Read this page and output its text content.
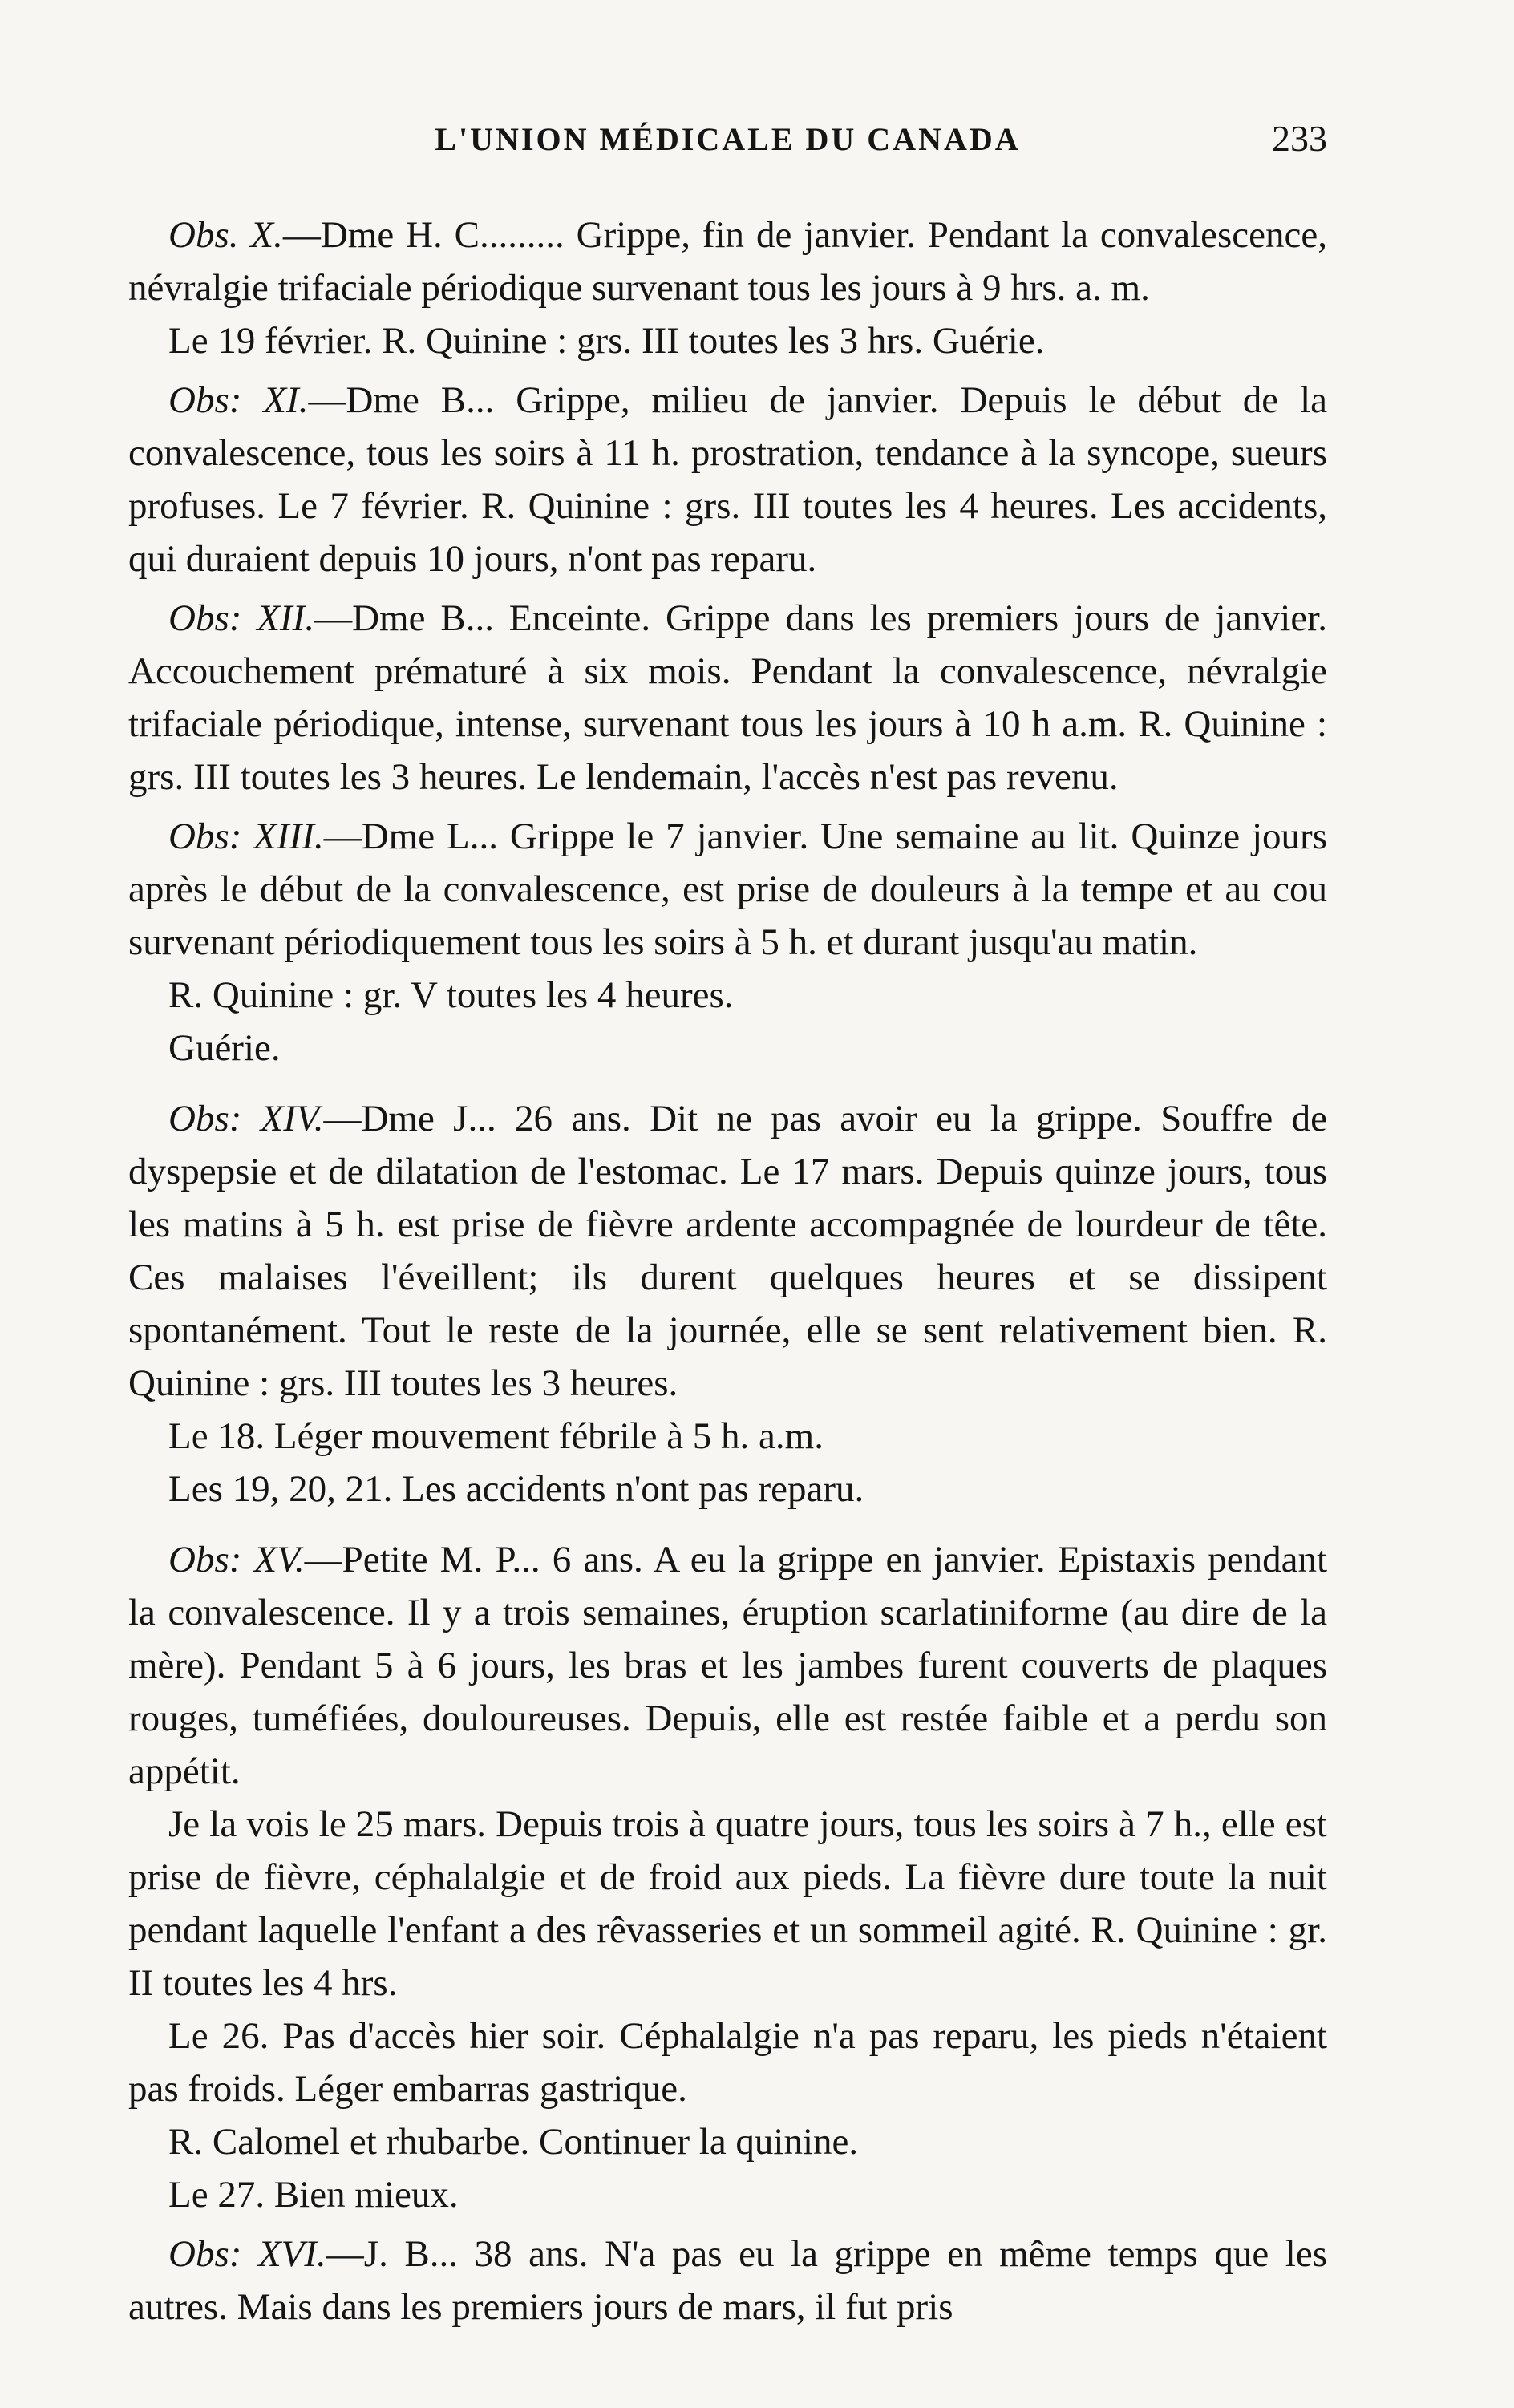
L'UNION MÉDICALE DU CANADA	233

Obs. X.—Dme H. C......... Grippe, fin de janvier. Pendant la convalescence, névralgie trifaciale périodique survenant tous les jours à 9 hrs. a. m.

Le 19 février. R. Quinine : grs. III toutes les 3 hrs. Guérie.

Obs: XI.—Dme B... Grippe, milieu de janvier. Depuis le début de la convalescence, tous les soirs à 11 h. prostration, tendance à la syncope, sueurs profuses. Le 7 février. R. Quinine : grs. III toutes les 4 heures. Les accidents, qui duraient depuis 10 jours, n'ont pas reparu.

Obs: XII.—Dme B... Enceinte. Grippe dans les premiers jours de janvier. Accouchement prématuré à six mois. Pendant la convalescence, névralgie trifaciale périodique, intense, survenant tous les jours à 10 h a.m. R. Quinine : grs. III toutes les 3 heures. Le lendemain, l'accès n'est pas revenu.

Obs: XIII.—Dme L... Grippe le 7 janvier. Une semaine au lit. Quinze jours après le début de la convalescence, est prise de douleurs à la tempe et au cou survenant périodiquement tous les soirs à 5 h. et durant jusqu'au matin.

R. Quinine : gr. V toutes les 4 heures.

Guérie.

Obs: XIV.—Dme J... 26 ans. Dit ne pas avoir eu la grippe. Souffre de dyspepsie et de dilatation de l'estomac. Le 17 mars. Depuis quinze jours, tous les matins à 5 h. est prise de fièvre ardente accompagnée de lourdeur de tête. Ces malaises l'éveillent; ils durent quelques heures et se dissipent spontanément. Tout le reste de la journée, elle se sent relativement bien. R. Quinine : grs. III toutes les 3 heures.

Le 18. Léger mouvement fébrile à 5 h. a.m.

Les 19, 20, 21. Les accidents n'ont pas reparu.

Obs: XV.—Petite M. P... 6 ans. A eu la grippe en janvier. Epistaxis pendant la convalescence. Il y a trois semaines, éruption scarlatiniforme (au dire de la mère). Pendant 5 à 6 jours, les bras et les jambes furent couverts de plaques rouges, tuméfiées, douloureuses. Depuis, elle est restée faible et a perdu son appétit.

Je la vois le 25 mars. Depuis trois à quatre jours, tous les soirs à 7 h., elle est prise de fièvre, céphalalgie et de froid aux pieds. La fièvre dure toute la nuit pendant laquelle l'enfant a des rêvasseries et un sommeil agité. R. Quinine : gr. II toutes les 4 hrs.

Le 26. Pas d'accès hier soir. Céphalalgie n'a pas reparu, les pieds n'étaient pas froids. Léger embarras gastrique.

R. Calomel et rhubarbe. Continuer la quinine.

Le 27. Bien mieux.

Obs: XVI.—J. B... 38 ans. N'a pas eu la grippe en même temps que les autres. Mais dans les premiers jours de mars, il fut pris
